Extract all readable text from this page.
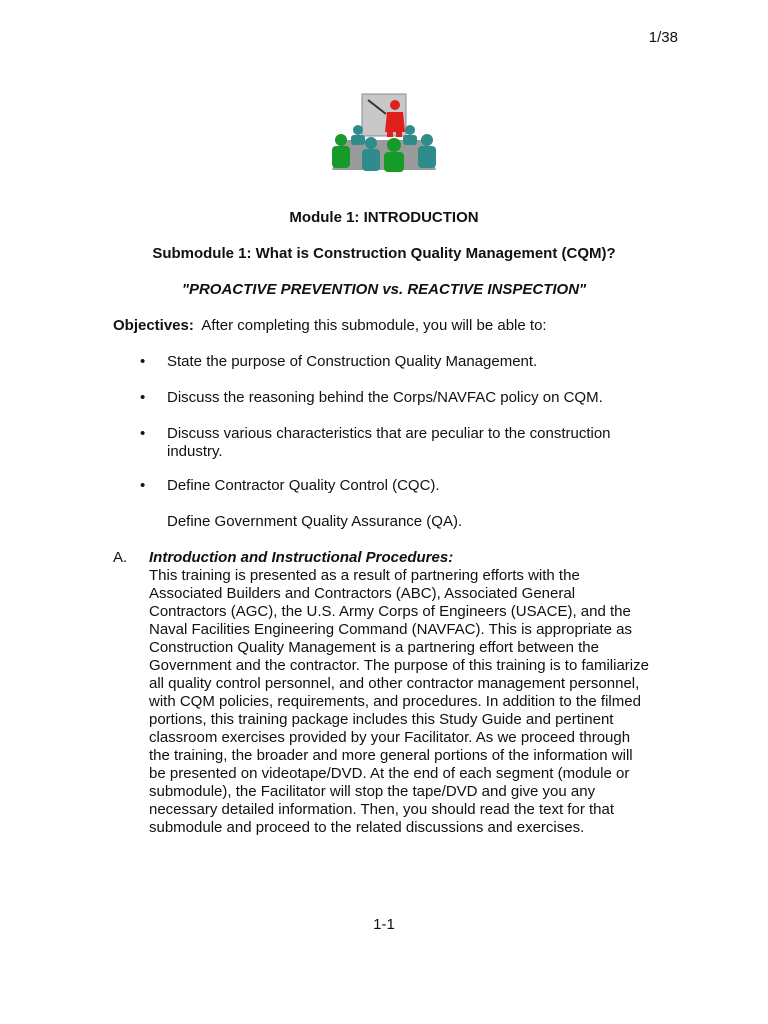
1/38
Module 1: INTRODUCTION
Submodule 1: What is Construction Quality Management (CQM)?
"PROACTIVE PREVENTION vs. REACTIVE INSPECTION"
Objectives: After completing this submodule, you will be able to:
• State the purpose of Construction Quality Management.
• Discuss the reasoning behind the Corps/NAVFAC policy on CQM.
• Discuss various characteristics that are peculiar to the construction industry.
• Define Contractor Quality Control (CQC).
Define Government Quality Assurance (QA).
A. Introduction and Instructional Procedures:
This training is presented as a result of partnering efforts with the
Associated Builders and Contractors (ABC), Associated General
Contractors (AGC), the U.S. Army Corps of Engineers (USACE), and the
Naval Facilities Engineering Command (NAVFAC). This is appropriate as
Construction Quality Management is a partnering effort between the
Government and the contractor. The purpose of this training is to familiarize
all quality control personnel, and other contractor management personnel,
with CQM policies, requirements, and procedures. In addition to the filmed
portions, this training package includes this Study Guide and pertinent
classroom exercises provided by your Facilitator. As we proceed through
the training, the broader and more general portions of the information will
be presented on videotape/DVD. At the end of each segment (module or
submodule), the Facilitator will stop the tape/DVD and give you any
necessary detailed information. Then, you should read the text for that
submodule and proceed to the related discussions and exercises.
1-1
